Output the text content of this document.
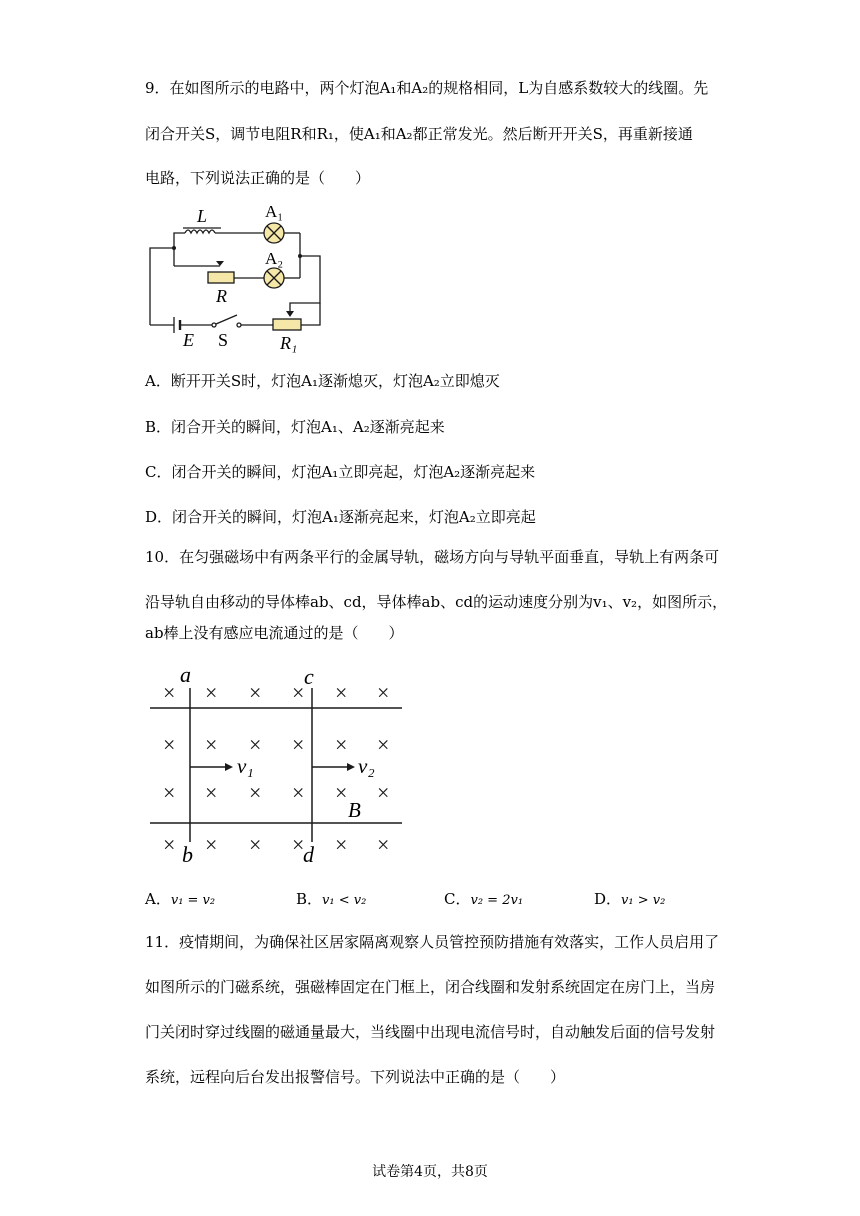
9．在如图所示的电路中，两个灯泡A₁和A₂的规格相同，L为自感系数较大的线圈。先
闭合开关S，调节电阻R和R₁，使A₁和A₂都正常发光。然后断开开关S，再重新接通
电路，下列说法正确的是（　　）
L	A₁
A₂
R
E S	R₁
A．断开开关S时，灯泡A₁逐渐熄灭，灯泡A₂立即熄灭
B．闭合开关的瞬间，灯泡A₁、A₂逐渐亮起来
C．闭合开关的瞬间，灯泡A₁立即亮起，灯泡A₂逐渐亮起来
D．闭合开关的瞬间，灯泡A₁逐渐亮起来，灯泡A₂立即亮起
10．在匀强磁场中有两条平行的金属导轨，磁场方向与导轨平面垂直，导轨上有两条可
沿导轨自由移动的导体棒ab、cd，导体棒ab、cd的运动速度分别为v₁、v₂，如图所示，
ab棒上没有感应电流通过的是（　　）
× × × × × ×
× × × × × ×
× × × × × ×
× × × × × ×
a	c
b	d
v₁	v₂
B
A．v₁ = v₂	B．v₁ < v₂	C．v₂ = 2v₁	D．v₁ > v₂
11．疫情期间，为确保社区居家隔离观察人员管控预防措施有效落实，工作人员启用了
如图所示的门磁系统，强磁棒固定在门框上，闭合线圈和发射系统固定在房门上，当房
门关闭时穿过线圈的磁通量最大，当线圈中出现电流信号时，自动触发后面的信号发射
系统，远程向后台发出报警信号。下列说法中正确的是（　　）
试卷第4页，共8页
